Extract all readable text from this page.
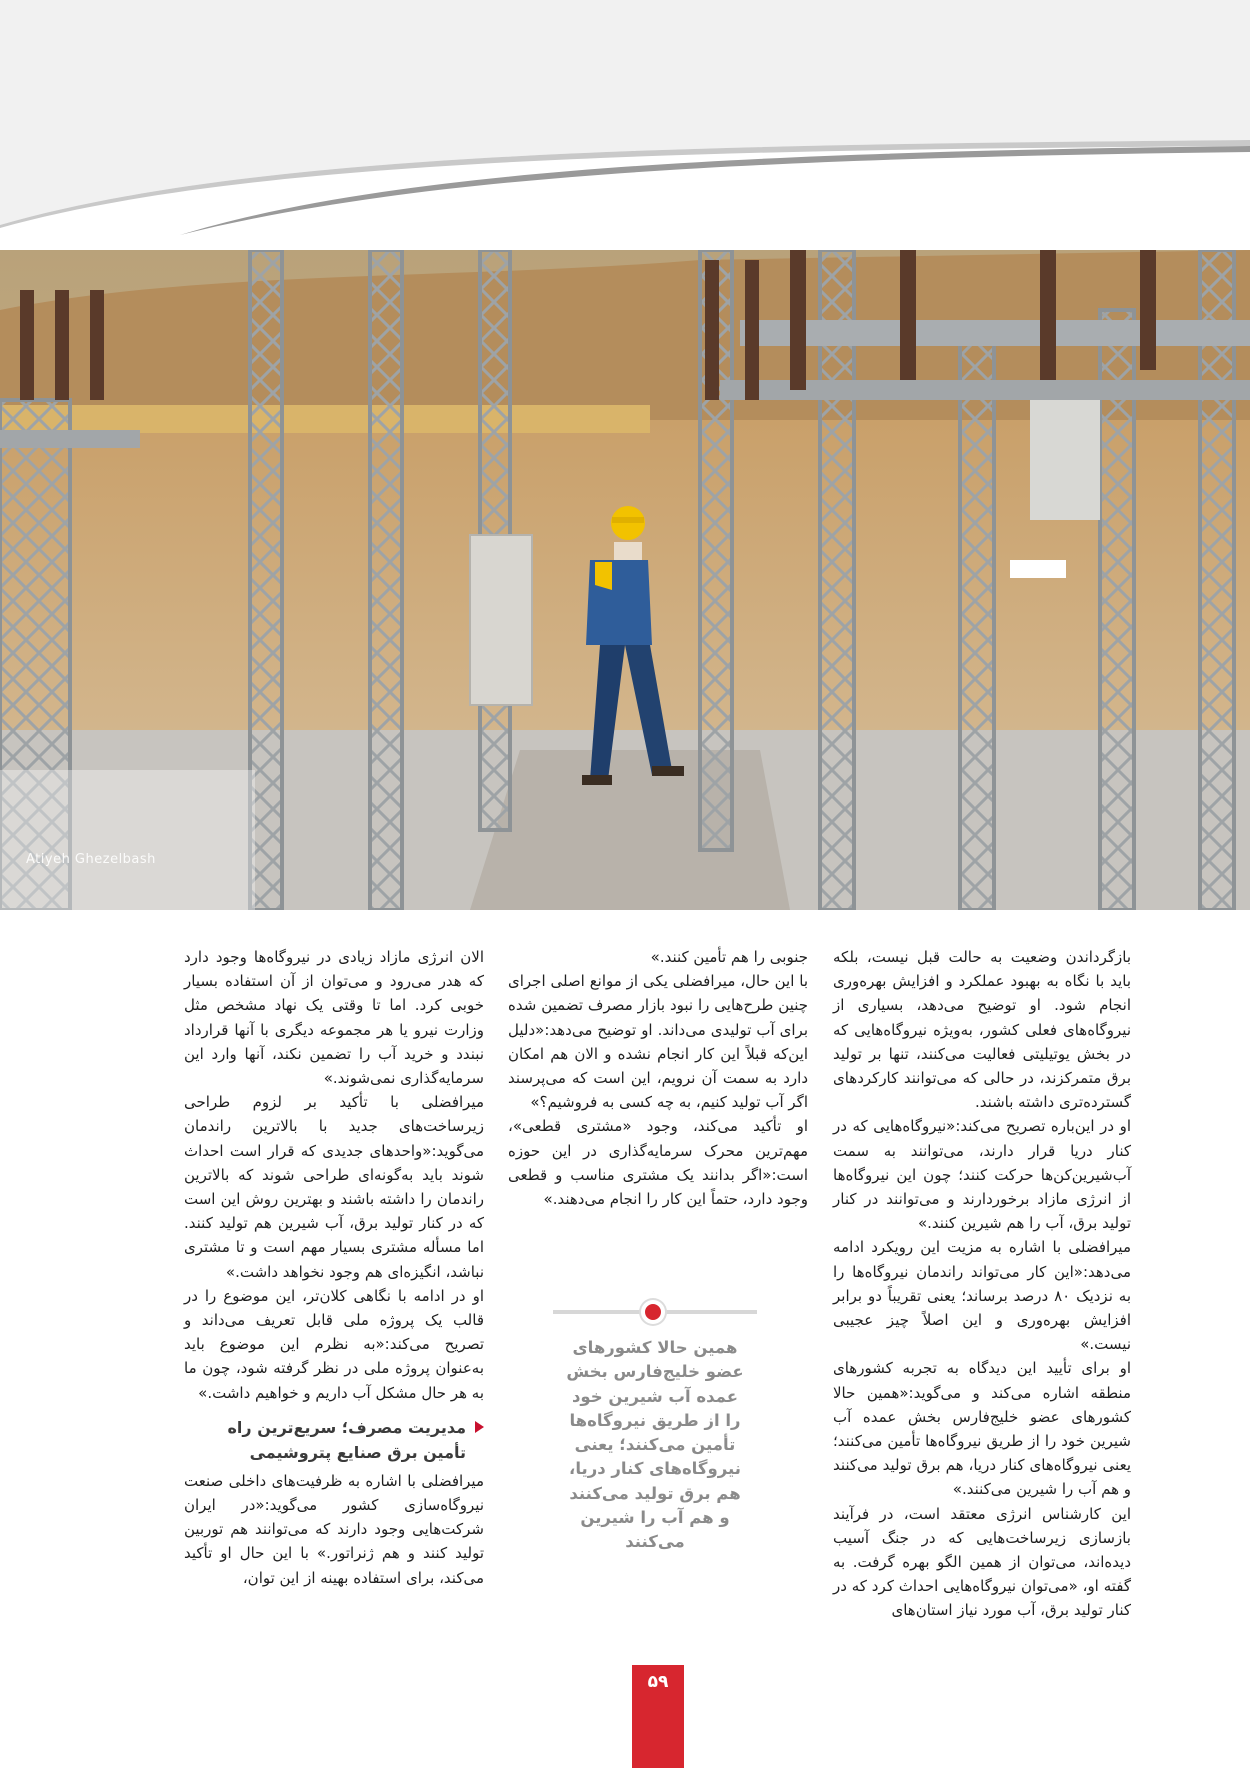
Atiyeh Ghezelbash

بازگرداندن وضعیت به حالت قبل نیست، بلکه باید با نگاه به بهبود عملکرد و افزایش بهره‌وری انجام شود. او توضیح می‌دهد، بسیاری از نیروگاه‌های فعلی کشور، به‌ویژه نیروگاه‌هایی که در بخش یوتیلیتی فعالیت می‌کنند، تنها بر تولید برق متمرکزند، در حالی که می‌توانند کارکردهای گسترده‌تری داشته باشند.

او در این‌باره تصریح می‌کند:«نیروگاه‌هایی که در کنار دریا قرار دارند، می‌توانند به سمت آب‌شیرین‌کن‌ها حرکت کنند؛ چون این نیروگاه‌ها از انرژی مازاد برخوردارند و می‌توانند در کنار تولید برق، آب را هم شیرین کنند.»

میرافضلی با اشاره به مزیت این رویکرد ادامه می‌دهد:«این کار می‌تواند راندمان نیروگاه‌ها را به نزدیک ۸۰ درصد برساند؛ یعنی تقریباً دو برابر افزایش بهره‌وری و این اصلاً چیز عجیبی نیست.»

او برای تأیید این دیدگاه به تجربه کشورهای منطقه اشاره می‌کند و می‌گوید:«همین حالا کشورهای عضو خلیج‌فارس بخش عمده آب شیرین خود را از طریق نیروگاه‌ها تأمین می‌کنند؛ یعنی نیروگاه‌های کنار دریا، هم برق تولید می‌کنند و هم آب را شیرین می‌کنند.»

این کارشناس انرژی معتقد است، در فرآیند بازسازی زیرساخت‌هایی که در جنگ آسیب دیده‌اند، می‌توان از همین الگو بهره گرفت. به گفته او، «می‌توان نیروگاه‌هایی احداث کرد که در کنار تولید برق، آب مورد نیاز استان‌های

جنوبی را هم تأمین کنند.»

با این حال، میرافضلی یکی از موانع اصلی اجرای چنین طرح‌هایی را نبود بازار مصرف تضمین شده برای آب تولیدی می‌داند. او توضیح می‌دهد:«دلیل این‌که قبلاً این کار انجام نشده و الان هم امکان دارد به سمت آن نرویم، این است که می‌پرسند اگر آب تولید کنیم، به چه کسی به فروشیم؟»

او تأکید می‌کند، وجود «مشتری قطعی»، مهم‌ترین محرک سرمایه‌گذاری در این حوزه است:«اگر بدانند یک مشتری مناسب و قطعی وجود دارد، حتماً این کار را انجام می‌دهند.»

همین حالا کشورهای عضو خلیج‌فارس بخش عمده آب شیرین خود را از طریق نیروگاه‌ها تأمین می‌کنند؛ یعنی نیروگاه‌های کنار دریا، هم برق تولید می‌کنند و هم آب را شیرین می‌کنند

الان انرژی مازاد زیادی در نیروگاه‌ها وجود دارد که هدر می‌رود و می‌توان از آن استفاده بسیار خوبی کرد. اما تا وقتی یک نهاد مشخص مثل وزارت نیرو یا هر مجموعه دیگری با آنها قرارداد نبندد و خرید آب را تضمین نکند، آنها وارد این سرمایه‌گذاری نمی‌شوند.»

میرافضلی با تأکید بر لزوم طراحی زیرساخت‌های جدید با بالاترین راندمان می‌گوید:«واحدهای جدیدی که قرار است احداث شوند باید به‌گونه‌ای طراحی شوند که بالاترین راندمان را داشته باشند و بهترین روش این است که در کنار تولید برق، آب شیرین هم تولید کنند. اما مسأله مشتری بسیار مهم است و تا مشتری نباشد، انگیزه‌ای هم وجود نخواهد داشت.»

او در ادامه با نگاهی کلان‌تر، این موضوع را در قالب یک پروژه ملی قابل تعریف می‌داند و تصریح می‌کند:«به نظرم این موضوع باید به‌عنوان پروژه ملی در نظر گرفته شود، چون ما به هر حال مشکل آب داریم و خواهیم داشت.»

مدیریت مصرف؛ سریع‌ترین راه تأمین برق صنایع پتروشیمی

میرافضلی با اشاره به ظرفیت‌های داخلی صنعت نیروگاه‌سازی کشور می‌گوید:«در ایران شرکت‌هایی وجود دارند که می‌توانند هم توربین تولید کنند و هم ژنراتور.» با این حال او تأکید می‌کند، برای استفاده بهینه از این توان،

۵۹
